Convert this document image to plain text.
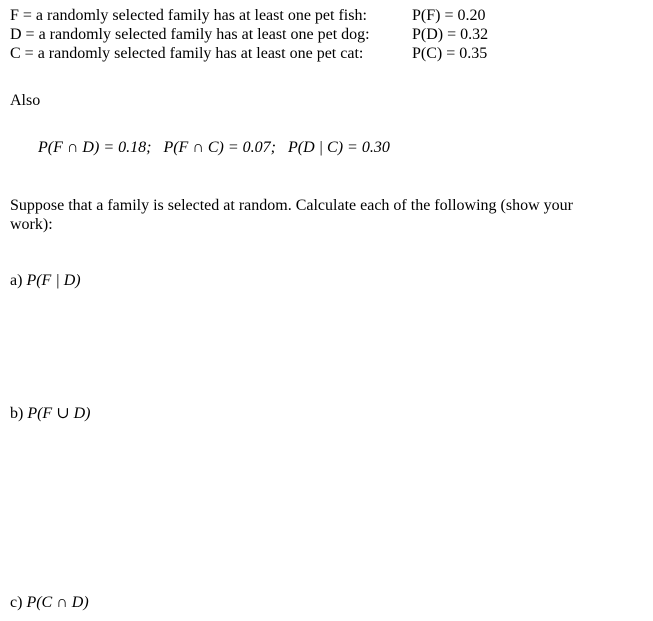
F = a randomly selected family has at least one pet fish:	P(F) = 0.20
D = a randomly selected family has at least one pet dog:	P(D) = 0.32
C = a randomly selected family has at least one pet cat:	P(C) = 0.35
Also
P(F ∩ D) = 0.18; P(F ∩ C) = 0.07; P(D | C) = 0.30
Suppose that a family is selected at random. Calculate each of the following (show your work):
a) P(F | D)
b) P(F ∪ D)
c) P(C ∩ D)
